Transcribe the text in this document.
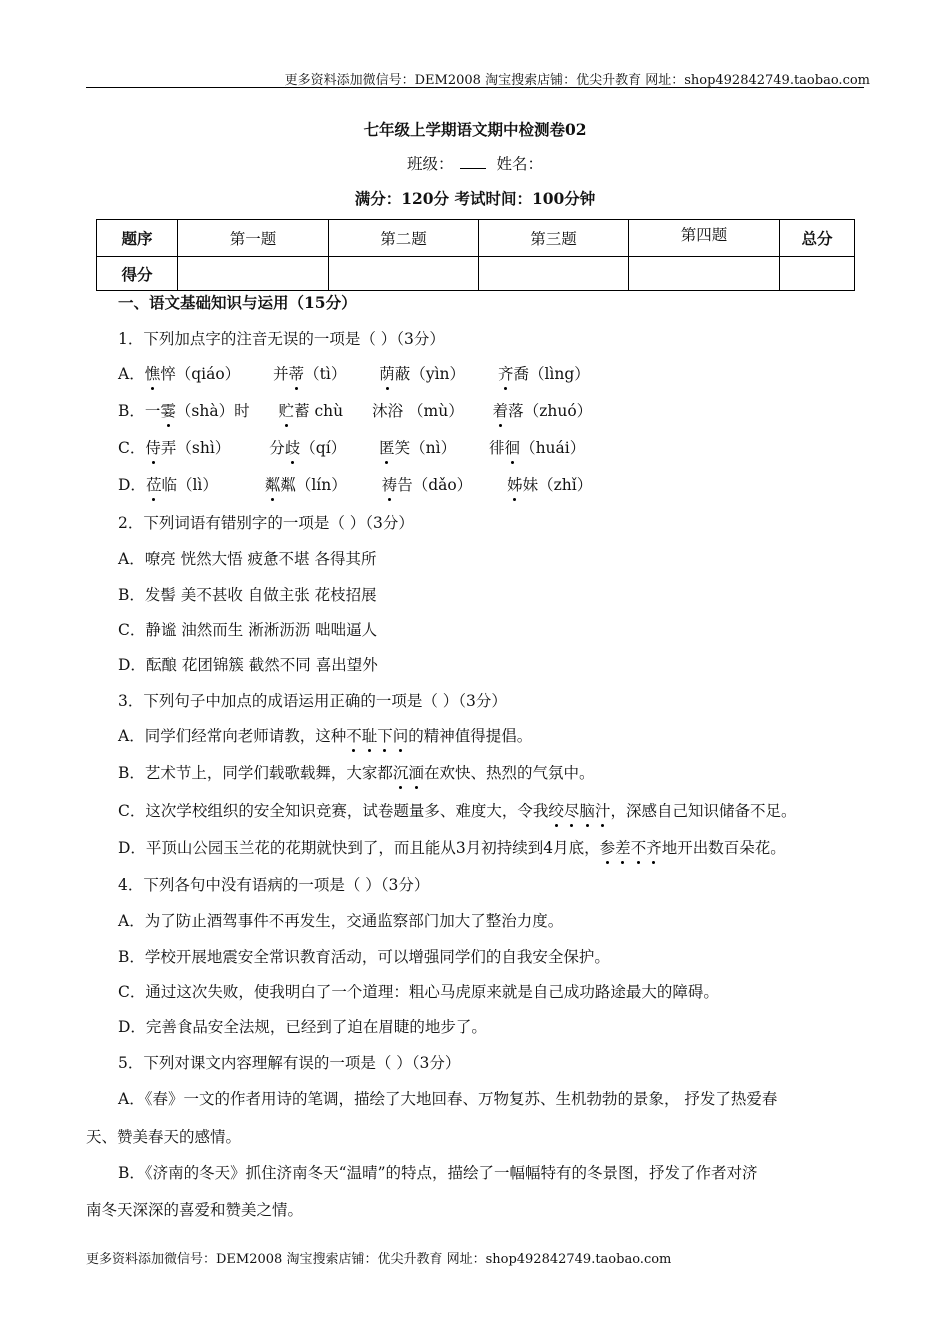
更多资料添加微信号：DEM2008 淘宝搜索店铺：优尖升教育 网址：shop492842749.taobao.com
七年级上学期语文期中检测卷02
班级：	姓名：
满分：120分 考试时间：100分钟
题序	第一题	第二题	第三题	第四题	总分
得分					
一、语文基础知识与运用（15分）
1．下列加点字的注音无误的一项是（ ）（3分）
A．憔悴（qiáo） 并蒂（tì） 荫蔽（yìn） 齐喬（lìng）
B．一霎（shà）时 贮蓄 chù 沐浴 （mù） 着落（zhuó）
C．侍弄（shì）	分歧（qí） 匿笑（nì） 徘徊（huái）
D．莅临（lì）	粼粼（lín） 祷告（dǎo） 姊妹（zhǐ）
2．下列词语有错别字的一项是（ ）（3分）
A．嘹亮 恍然大悟 疲惫不堪 各得其所
B．发髻 美不甚收 自做主张 花枝招展
C．静谧 油然而生 淅淅沥沥 咄咄逼人
D．酝酿 花团锦簇 截然不同 喜出望外
3．下列句子中加点的成语运用正确的一项是（ ）（3分）
A．同学们经常向老师请教，这种不耻下问的精神值得提倡。
B．艺术节上，同学们载歌载舞，大家都沉湎在欢快、热烈的气氛中。
C．这次学校组织的安全知识竞赛，试卷题量多、难度大，令我绞尽脑汁，深感自己知识储备不足。
D．平顶山公园玉兰花的花期就快到了，而且能从3月初持续到4月底，参差不齐地开出数百朵花。
4．下列各句中没有语病的一项是（ ）（3分）
A．为了防止酒驾事件不再发生，交通监察部门加大了整治力度。
B．学校开展地震安全常识教育活动，可以增强同学们的自我安全保护。
C．通过这次失败，使我明白了一个道理：粗心马虎原来就是自己成功路途最大的障碍。
D．完善食品安全法规，已经到了迫在眉睫的地步了。
5．下列对课文内容理解有误的一项是（ ）（3分）
A．《春》一文的作者用诗的笔调，描绘了大地回春、万物复苏、生机勃勃的景象， 抒发了热爱春
天、赞美春天的感情。
B．《济南的冬天》抓住济南冬天“温晴”的特点，描绘了一幅幅特有的冬景图，抒发了作者对济
南冬天深深的喜爱和赞美之情。
更多资料添加微信号：DEM2008 淘宝搜索店铺：优尖升教育 网址：shop492842749.taobao.com
